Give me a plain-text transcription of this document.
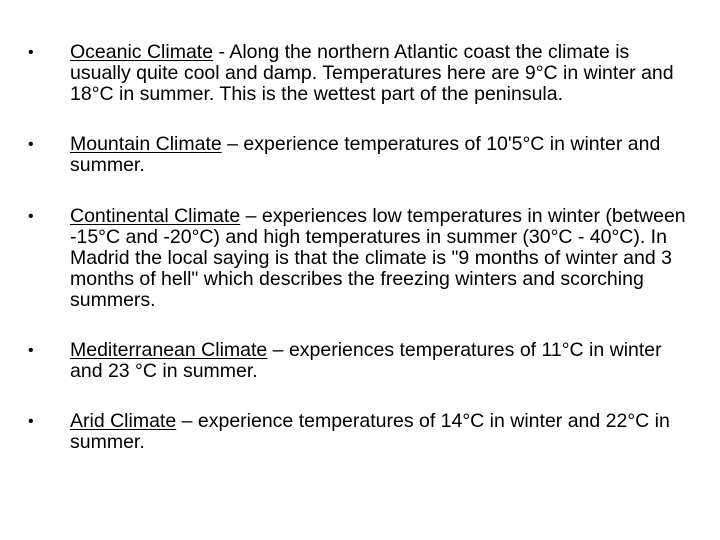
•	Oceanic Climate - Along the northern Atlantic coast the climate is usually quite cool and damp. Temperatures here are 9°C in winter and 18°C in summer. This is the wettest part of the peninsula.
•	Mountain Climate – experience temperatures of 10'5°C in winter and summer.
•	Continental Climate – experiences low temperatures in winter (between -15°C and -20°C) and high temperatures in summer (30°C - 40°C). In Madrid the local saying is that the climate is "9 months of winter and 3 months of hell" which describes the freezing winters and scorching summers.
•	Mediterranean Climate – experiences temperatures of 11°C in winter and 23 °C in summer.
•	Arid Climate – experience temperatures of 14°C in winter and 22°C in summer.
